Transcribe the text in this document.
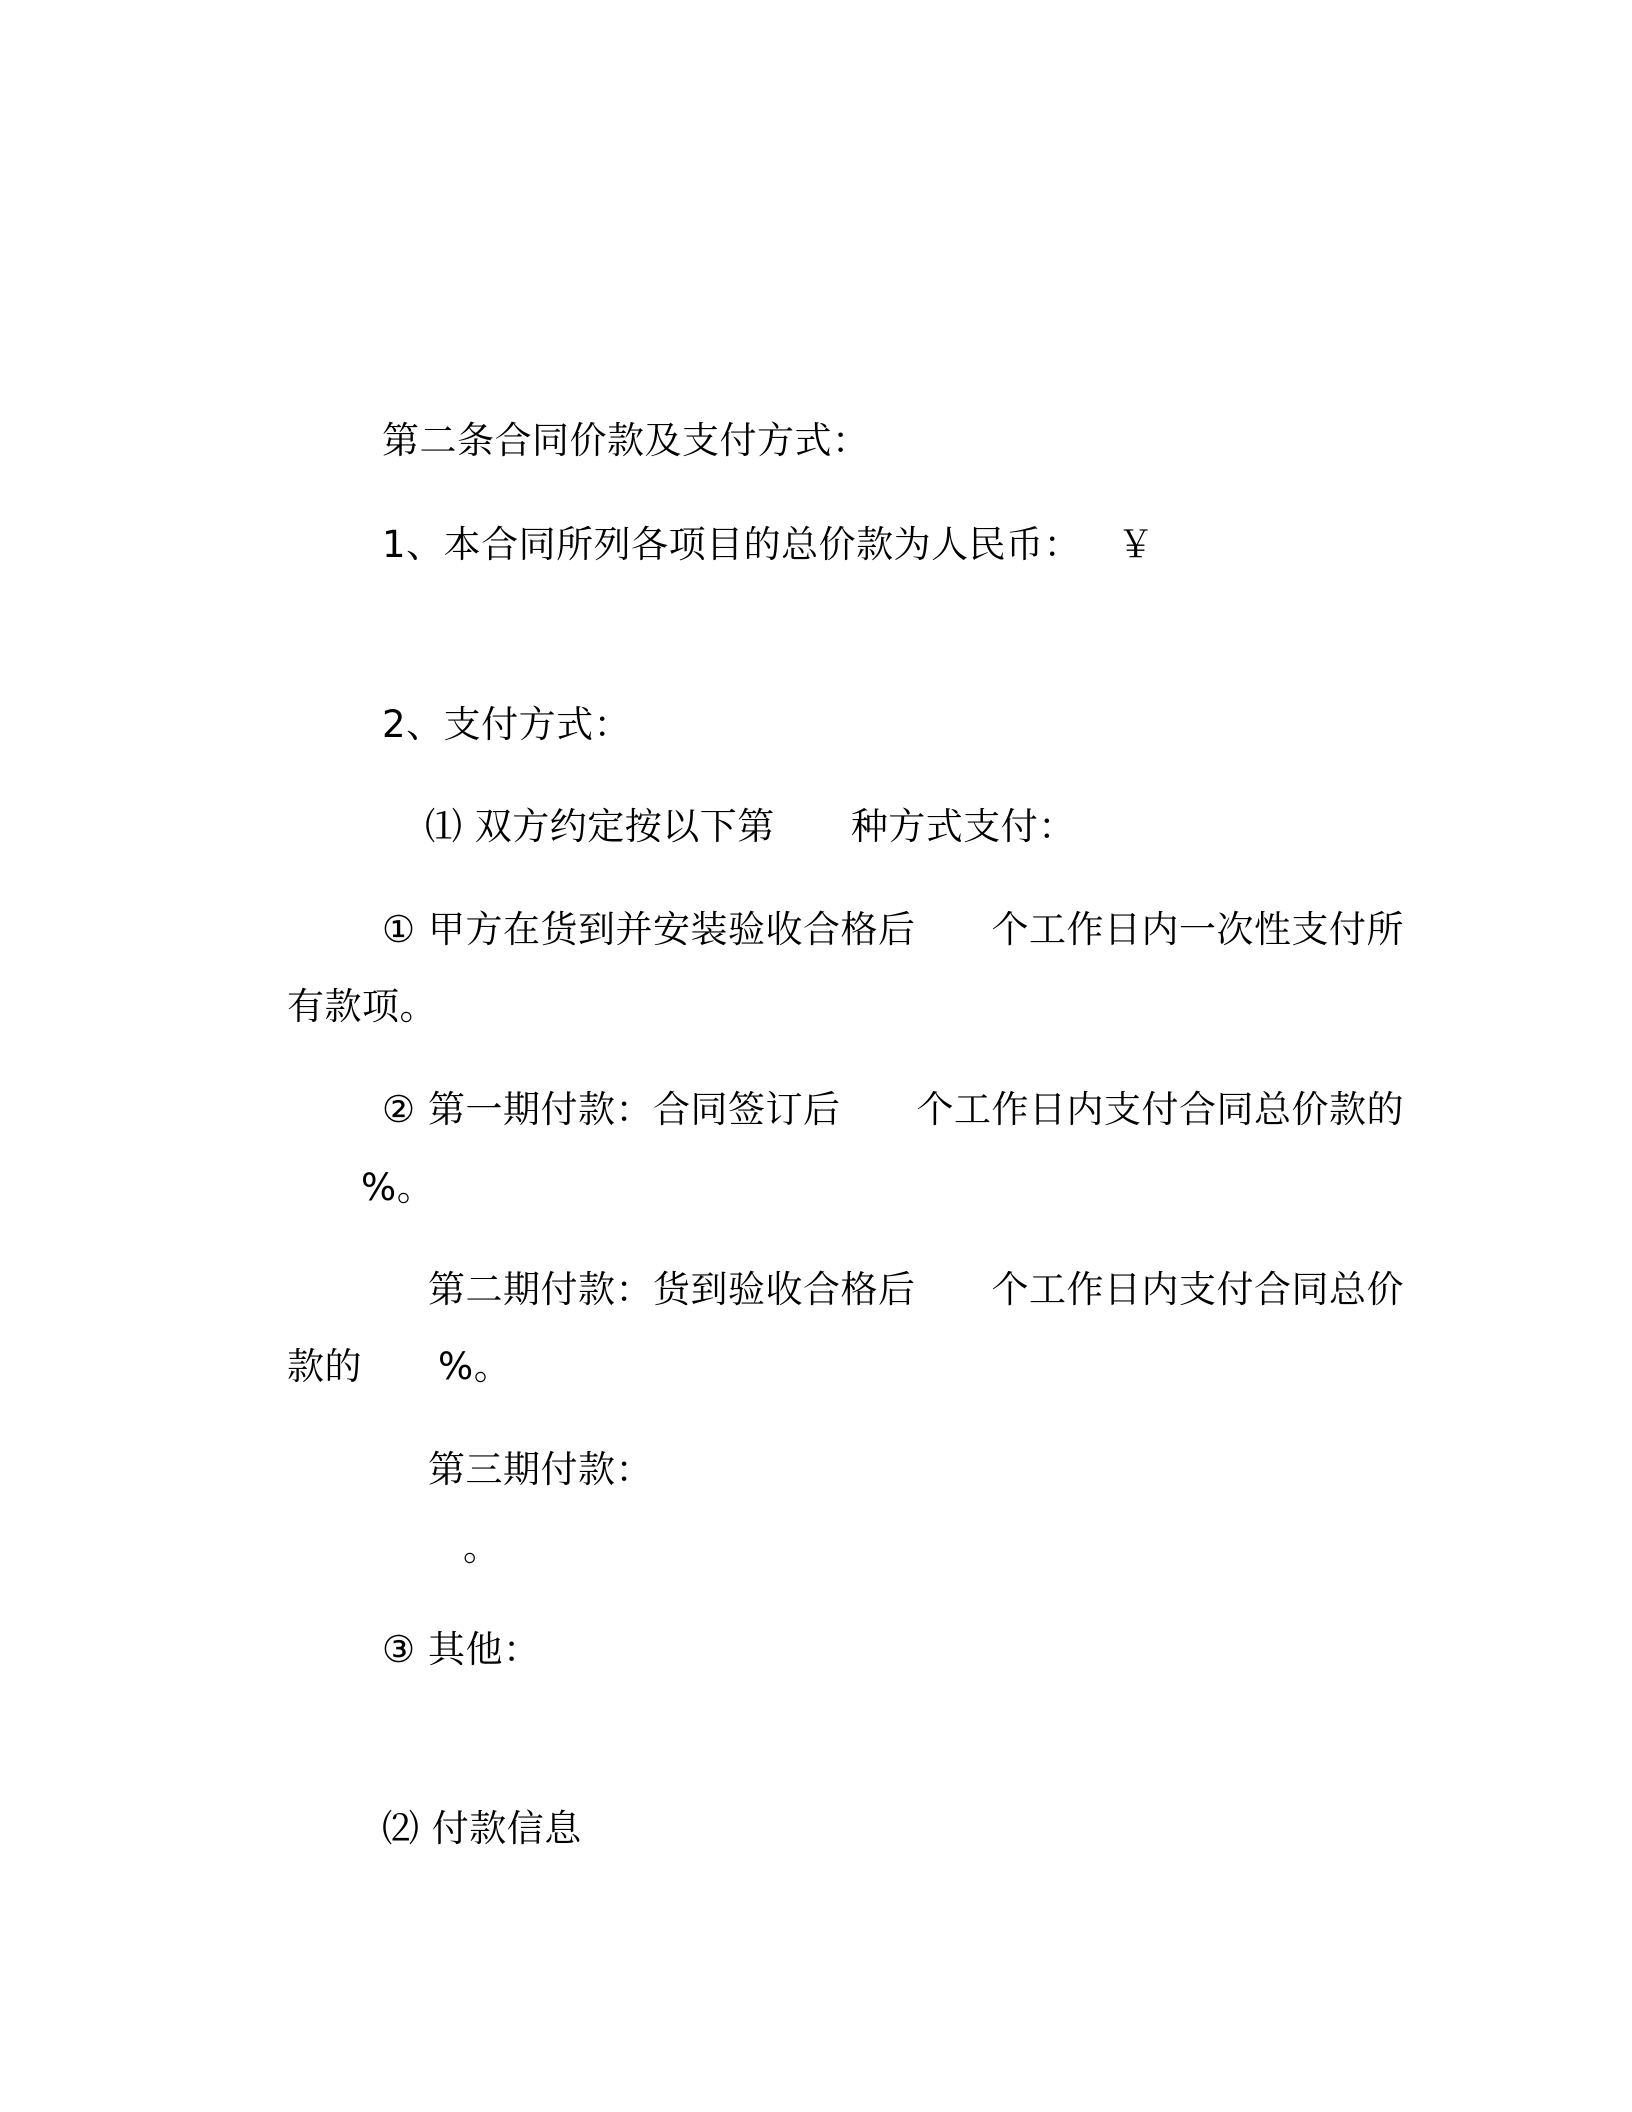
第二条合同价款及支付方式：

1、本合同所列各项目的总价款为人民币： ￥

2、支付方式：

⑴ 双方约定按以下第 种方式支付：

① 甲方在货到并安装验收合格后 个工作日内一次性支付所

有款项。

② 第一期付款：合同签订后 个工作日内支付合同总价款的

%。

第二期付款：货到验收合格后 个工作日内支付合同总价

款的 %。

第三期付款：

。

③ 其他：

⑵ 付款信息
